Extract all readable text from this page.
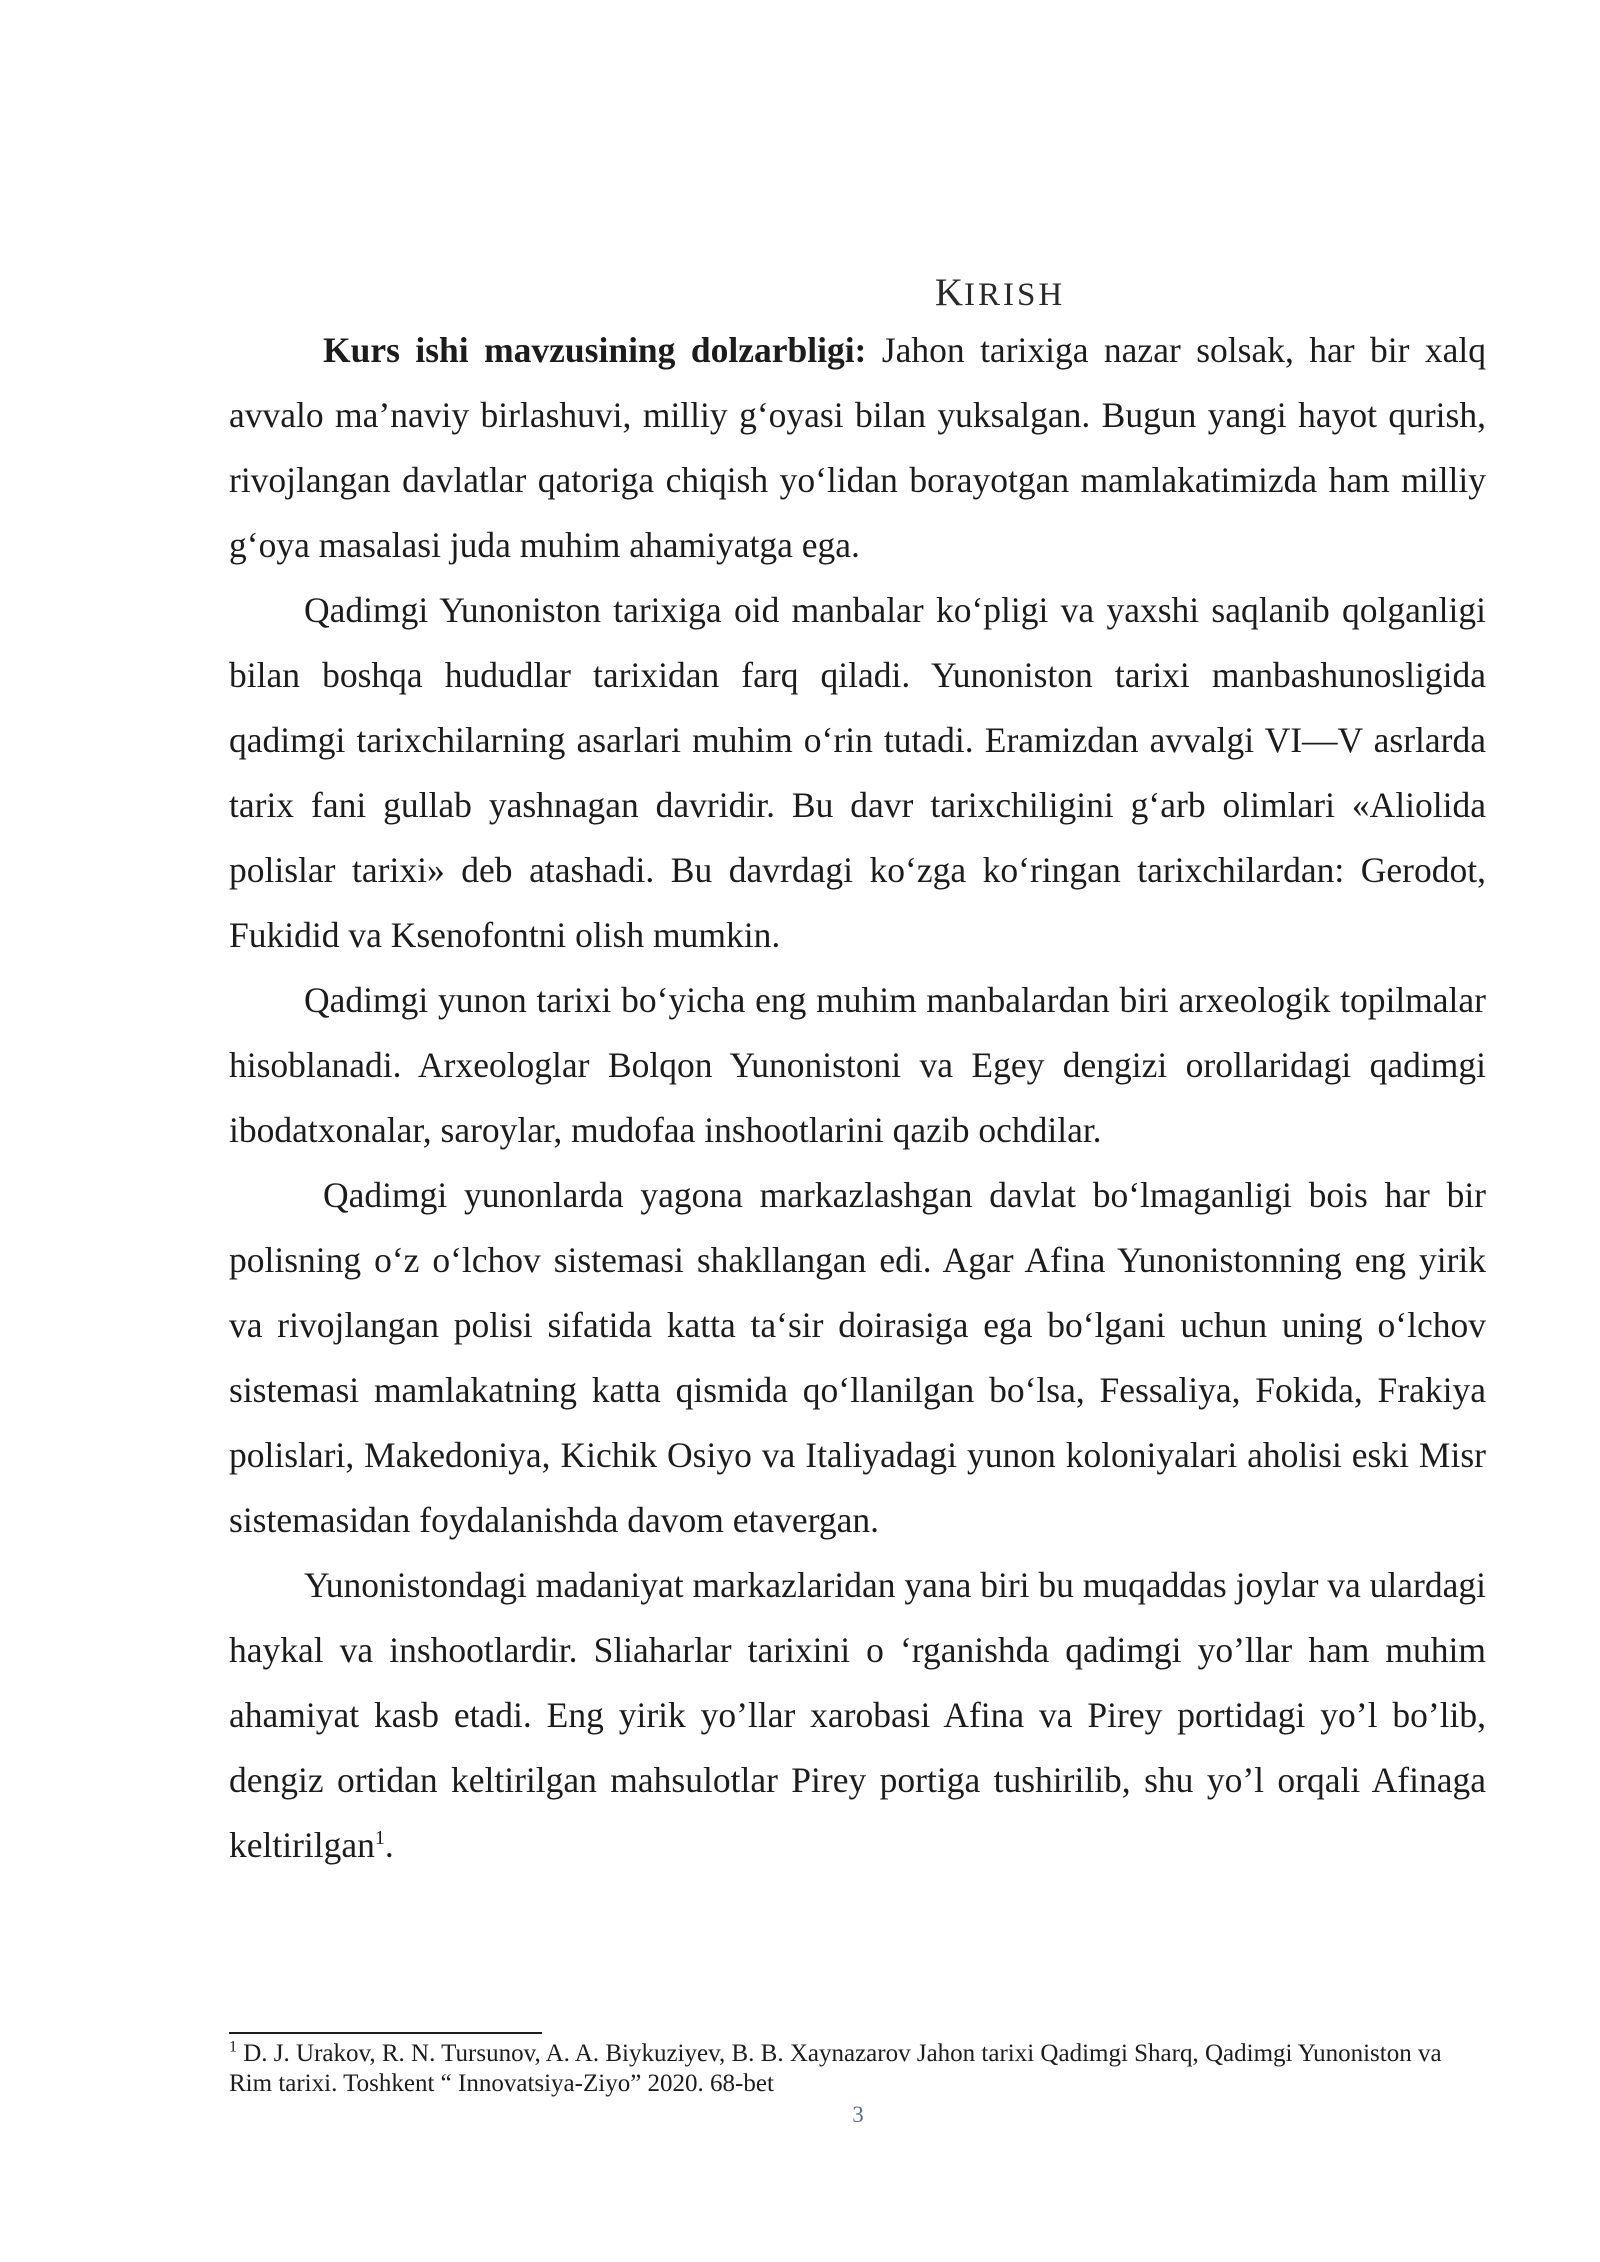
KIRISH

Kurs ishi mavzusining dolzarbligi: Jahon tarixiga nazar solsak, har bir xalq avvalo ma’naviy birlashuvi, milliy g‘oyasi bilan yuksalgan. Bugun yangi hayot qurish, rivojlangan davlatlar qatoriga chiqish yo‘lidan borayotgan mamlakatimizda ham milliy g‘oya masalasi juda muhim ahamiyatga ega.

Qadimgi Yunoniston tarixiga oid manbalar ko‘pligi va yaxshi saqlanib qolganligi bilan boshqa hududlar tarixidan farq qiladi. Yunoniston tarixi manbashunosligida qadimgi tarixchilarning asarlari muhim o‘rin tutadi. Eramizdan avvalgi VI—V asrlarda tarix fani gullab yashnagan davridir. Bu davr tarixchiligini g‘arb olimlari «Aliolida polislar tarixi» deb atashadi. Bu davrdagi ko‘zga ko‘ringan tarixchilardan: Gerodot, Fukidid va Ksenofontni olish mumkin.

Qadimgi yunon tarixi bo‘yicha eng muhim manbalardan biri arxeologik topilmalar hisoblanadi. Arxeologlar Bolqon Yunonistoni va Egey dengizi orollaridagi qadimgi ibodatxonalar, saroylar, mudofaa inshootlarini qazib ochdilar.

Qadimgi yunonlarda yagona markazlashgan davlat bo‘lmaganligi bois har bir polisning o‘z o‘lchov sistemasi shakllangan edi. Agar Afina Yunonistonning eng yirik va rivojlangan polisi sifatida katta ta‘sir doirasiga ega bo‘lgani uchun uning o‘lchov sistemasi mamlakatning katta qismida qo‘llanilgan bo‘lsa, Fessaliya, Fokida, Frakiya polislari, Makedoniya, Kichik Osiyo va Italiyadagi yunon koloniyalari aholisi eski Misr sistemasidan foydalanishda davom etavergan.

Yunonistondagi madaniyat markazlaridan yana biri bu muqaddas joylar va ulardagi haykal va inshootlardir. Sliaharlar tarixini o ‘rganishda qadimgi yo’llar ham muhim ahamiyat kasb etadi. Eng yirik yo’llar xarobasi Afina va Pirey portidagi yo’l bo’lib, dengiz ortidan keltirilgan mahsulotlar Pirey portiga tushirilib, shu yo’l orqali Afinaga keltirilgan$^1$.

$^1$ D. J. Urakov, R. N. Tursunov, A. A. Biykuziyev, B. B. Xaynazarov Jahon tarixi Qadimgi Sharq, Qadimgi Yunoniston va Rim tarixi. Toshkent “ Innovatsiya-Ziyo” 2020. 68-bet
3
